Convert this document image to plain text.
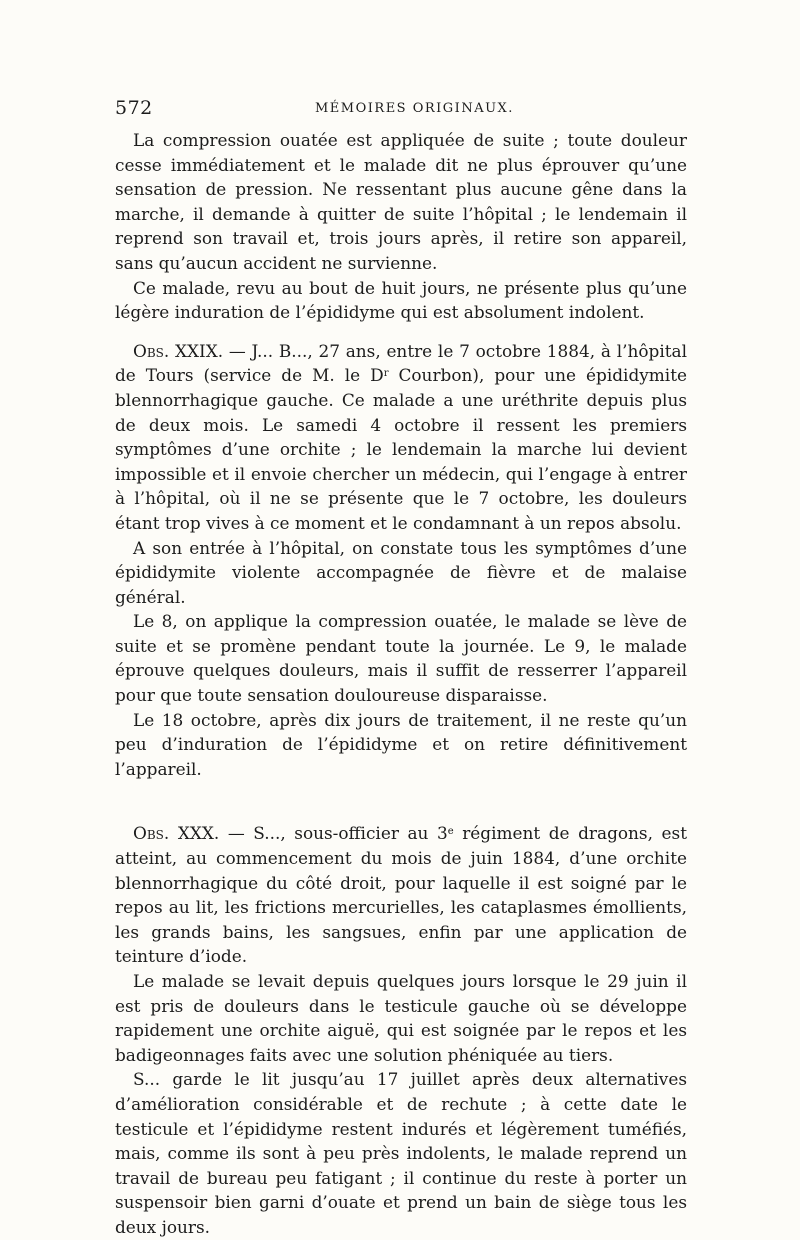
572	MÉMOIRES ORIGINAUX.

La compression ouatée est appliquée de suite ; toute douleur cesse immédiatement et le malade dit ne plus éprouver qu’une sensation de pression. Ne ressentant plus aucune gêne dans la marche, il demande à quitter de suite l’hôpital ; le lendemain il reprend son travail et, trois jours après, il retire son appareil, sans qu’aucun accident ne survienne.

Ce malade, revu au bout de huit jours, ne présente plus qu’une légère induration de l’épididyme qui est absolument indolent.

Obs. XXIX. — J... B..., 27 ans, entre le 7 octobre 1884, à l’hôpital de Tours (service de M. le $D^r$ Courbon), pour une épididymite blennorrhagique gauche. Ce malade a une uréthrite depuis plus de deux mois. Le samedi 4 octobre il ressent les premiers symptômes d’une orchite ; le lendemain la marche lui devient impossible et il envoie chercher un médecin, qui l’engage à entrer à l’hôpital, où il ne se présente que le 7 octobre, les douleurs étant trop vives à ce moment et le condamnant à un repos absolu.

A son entrée à l’hôpital, on constate tous les symptômes d’une épididymite violente accompagnée de fièvre et de malaise général.

Le 8, on applique la compression ouatée, le malade se lève de suite et se promène pendant toute la journée. Le 9, le malade éprouve quelques douleurs, mais il suffit de resserrer l’appareil pour que toute sensation douloureuse disparaisse.

Le 18 octobre, après dix jours de traitement, il ne reste qu’un peu d’induration de l’épididyme et on retire définitivement l’appareil.

Obs. XXX. — S..., sous-officier au 3e régiment de dragons, est atteint, au commencement du mois de juin 1884, d’une orchite blennorrhagique du côté droit, pour laquelle il est soigné par le repos au lit, les frictions mercurielles, les cataplasmes émollients, les grands bains, les sangsues, enfin par une application de teinture d’iode.

Le malade se levait depuis quelques jours lorsque le 29 juin il est pris de douleurs dans le testicule gauche où se développe rapidement une orchite aiguë, qui est soignée par le repos et les badigeonnages faits avec une solution phéniquée au tiers.

S... garde le lit jusqu’au 17 juillet après deux alternatives d’amélioration considérable et de rechute ; à cette date le testicule et l’épididyme restent indurés et légèrement tuméfiés, mais, comme ils sont à peu près indolents, le malade reprend un travail de bureau peu fatigant ; il continue du reste à porter un suspensoir bien garni d’ouate et prend un bain de siège tous les deux jours.
